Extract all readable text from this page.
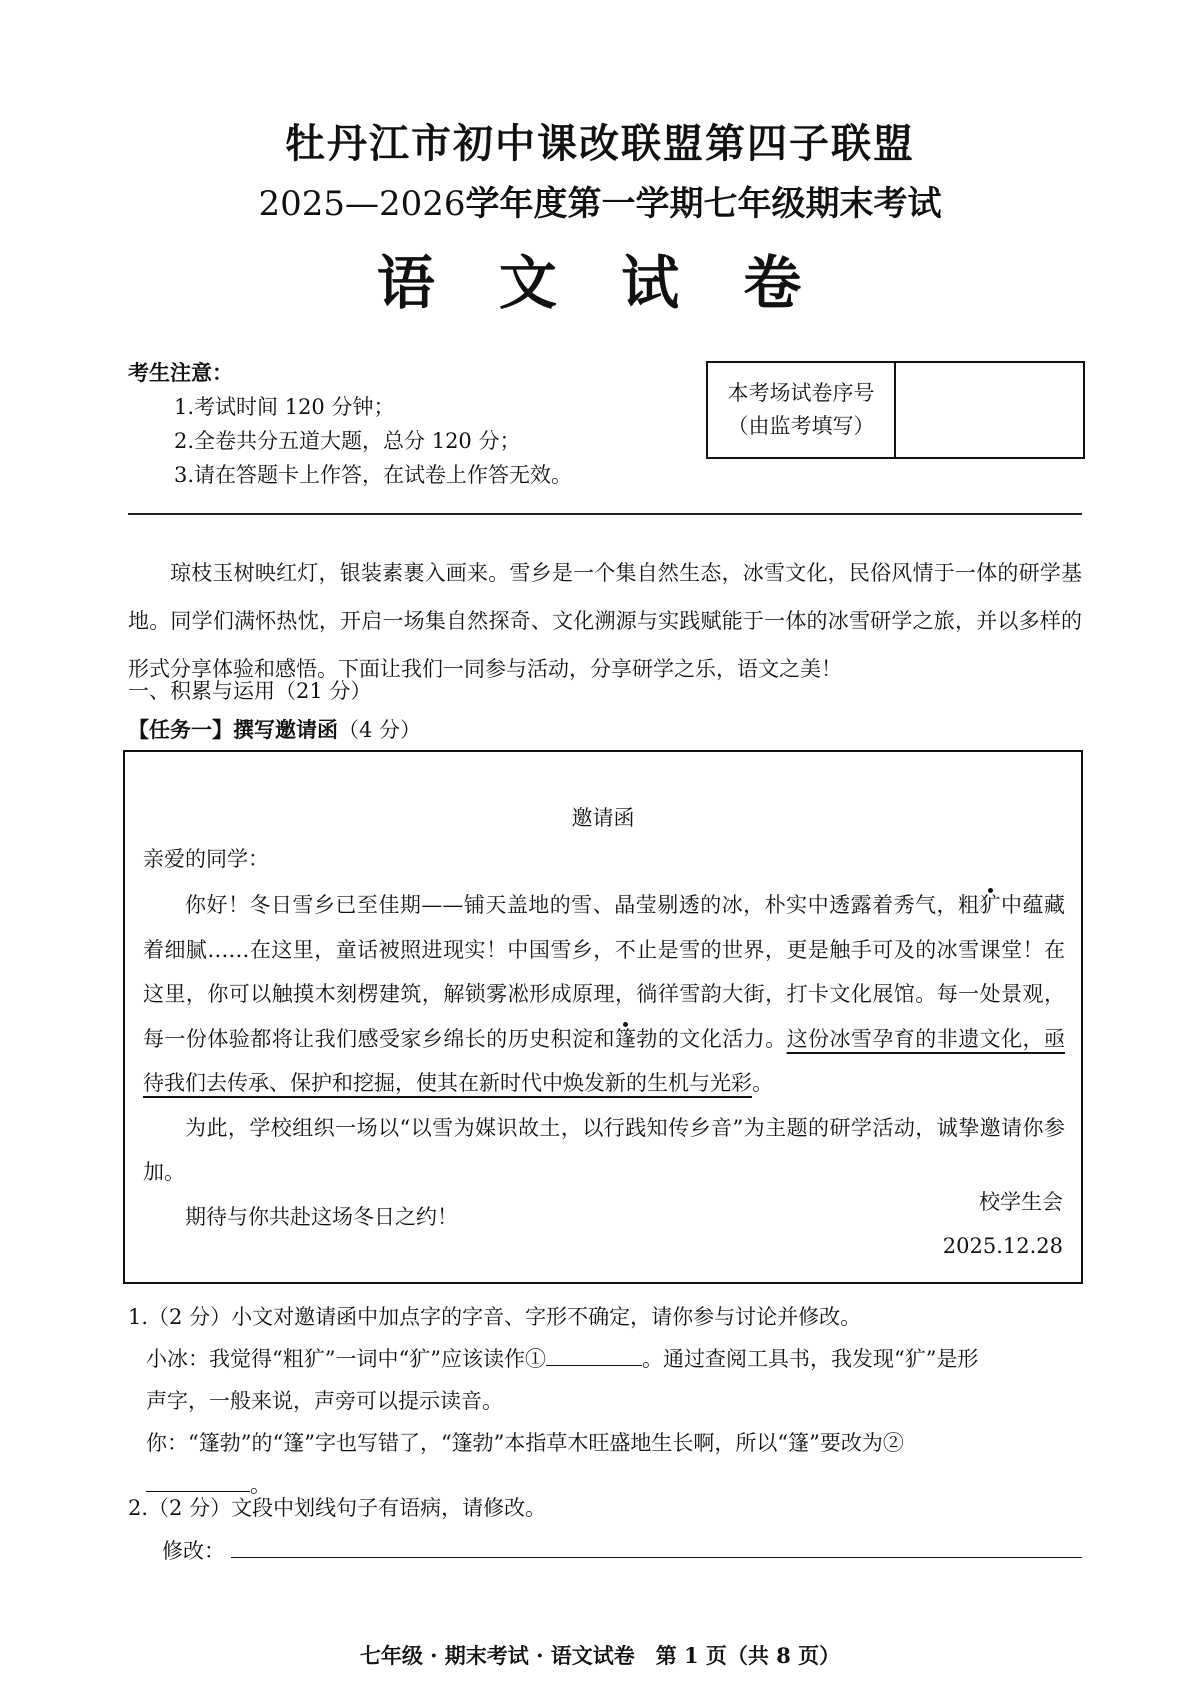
牡丹江市初中课改联盟第四子联盟
2025—2026学年度第一学期七年级期末考试
语 文 试 卷
考生注意：
1.考试时间 120 分钟；
2.全卷共分五道大题，总分 120 分；
3.请在答题卡上作答，在试卷上作答无效。
本考场试卷序号
（由监考填写）
琼枝玉树映红灯，银装素裹入画来。雪乡是一个集自然生态，冰雪文化，民俗风情于一体的研学基地。同学们满怀热忱，开启一场集自然探奇、文化溯源与实践赋能于一体的冰雪研学之旅，并以多样的形式分享体验和感悟。下面让我们一同参与活动，分享研学之乐，语文之美！
一、积累与运用（21 分）
【任务一】撰写邀请函（4 分）
邀请函
亲爱的同学：

你好！冬日雪乡已至佳期——铺天盖地的雪、晶莹剔透的冰，朴实中透露着秀气，粗犷中蕴藏着细腻……在这里，童话被照进现实！中国雪乡，不止是雪的世界，更是触手可及的冰雪课堂！在这里，你可以触摸木刻楞建筑，解锁雾凇形成原理，徜徉雪韵大街，打卡文化展馆。每一处景观，每一份体验都将让我们感受家乡绵长的历史积淀和篷勃的文化活力。这份冰雪孕育的非遗文化，亟待我们去传承、保护和挖掘，使其在新时代中焕发新的生机与光彩。

为此，学校组织一场以“以雪为媒识故土，以行践知传乡音”为主题的研学活动，诚挚邀请你参加。

期待与你共赴这场冬日之约！

校学生会
2025.12.28
1.（2 分）小文对邀请函中加点字的字音、字形不确定，请你参与讨论并修改。
小冰：我觉得“粗犷”一词中“犷”应该读作①	。通过查阅工具书，我发现“犷”是形
声字，一般来说，声旁可以提示读音。
你：“篷勃”的“篷”字也写错了，“篷勃”本指草木旺盛地生长啊，所以“篷”要改为②
。
2.（2 分）文段中划线句子有语病，请修改。
修改：
七年级 · 期末考试 · 语文试卷　第 1 页（共 8 页）
